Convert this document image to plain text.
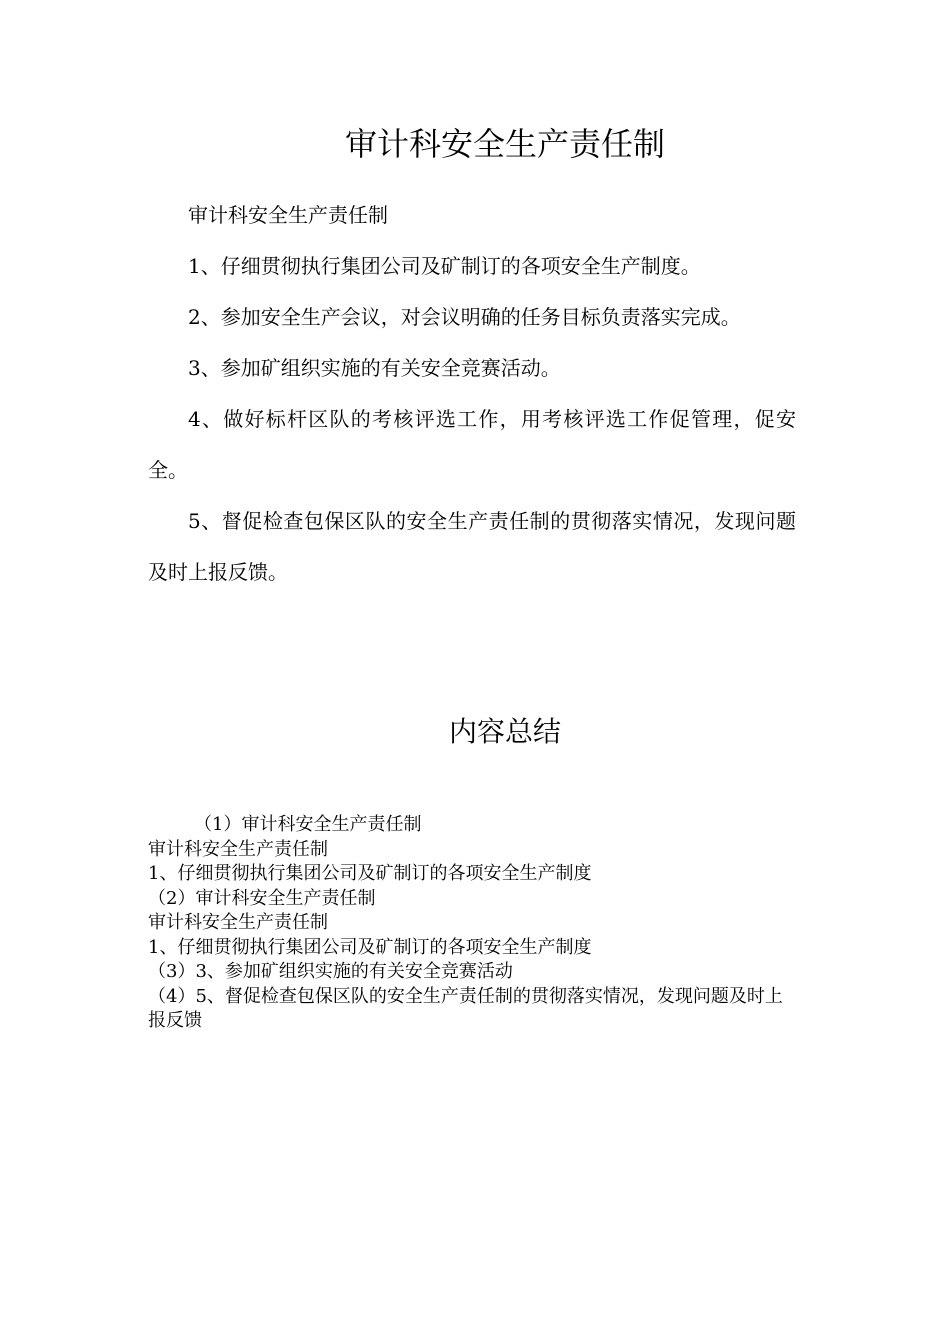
审计科安全生产责任制

审计科安全生产责任制

1、仔细贯彻执行集团公司及矿制订的各项安全生产制度。

2、参加安全生产会议，对会议明确的任务目标负责落实完成。

3、参加矿组织实施的有关安全竞赛活动。

4、做好标杆区队的考核评选工作，用考核评选工作促管理，促安全。

5、督促检查包保区队的安全生产责任制的贯彻落实情况，发现问题及时上报反馈。

内容总结
（1）审计科安全生产责任制
审计科安全生产责任制
1、仔细贯彻执行集团公司及矿制订的各项安全生产制度
（2）审计科安全生产责任制
审计科安全生产责任制
1、仔细贯彻执行集团公司及矿制订的各项安全生产制度
（3）3、参加矿组织实施的有关安全竞赛活动
（4）5、督促检查包保区队的安全生产责任制的贯彻落实情况，发现问题及时上报反馈
